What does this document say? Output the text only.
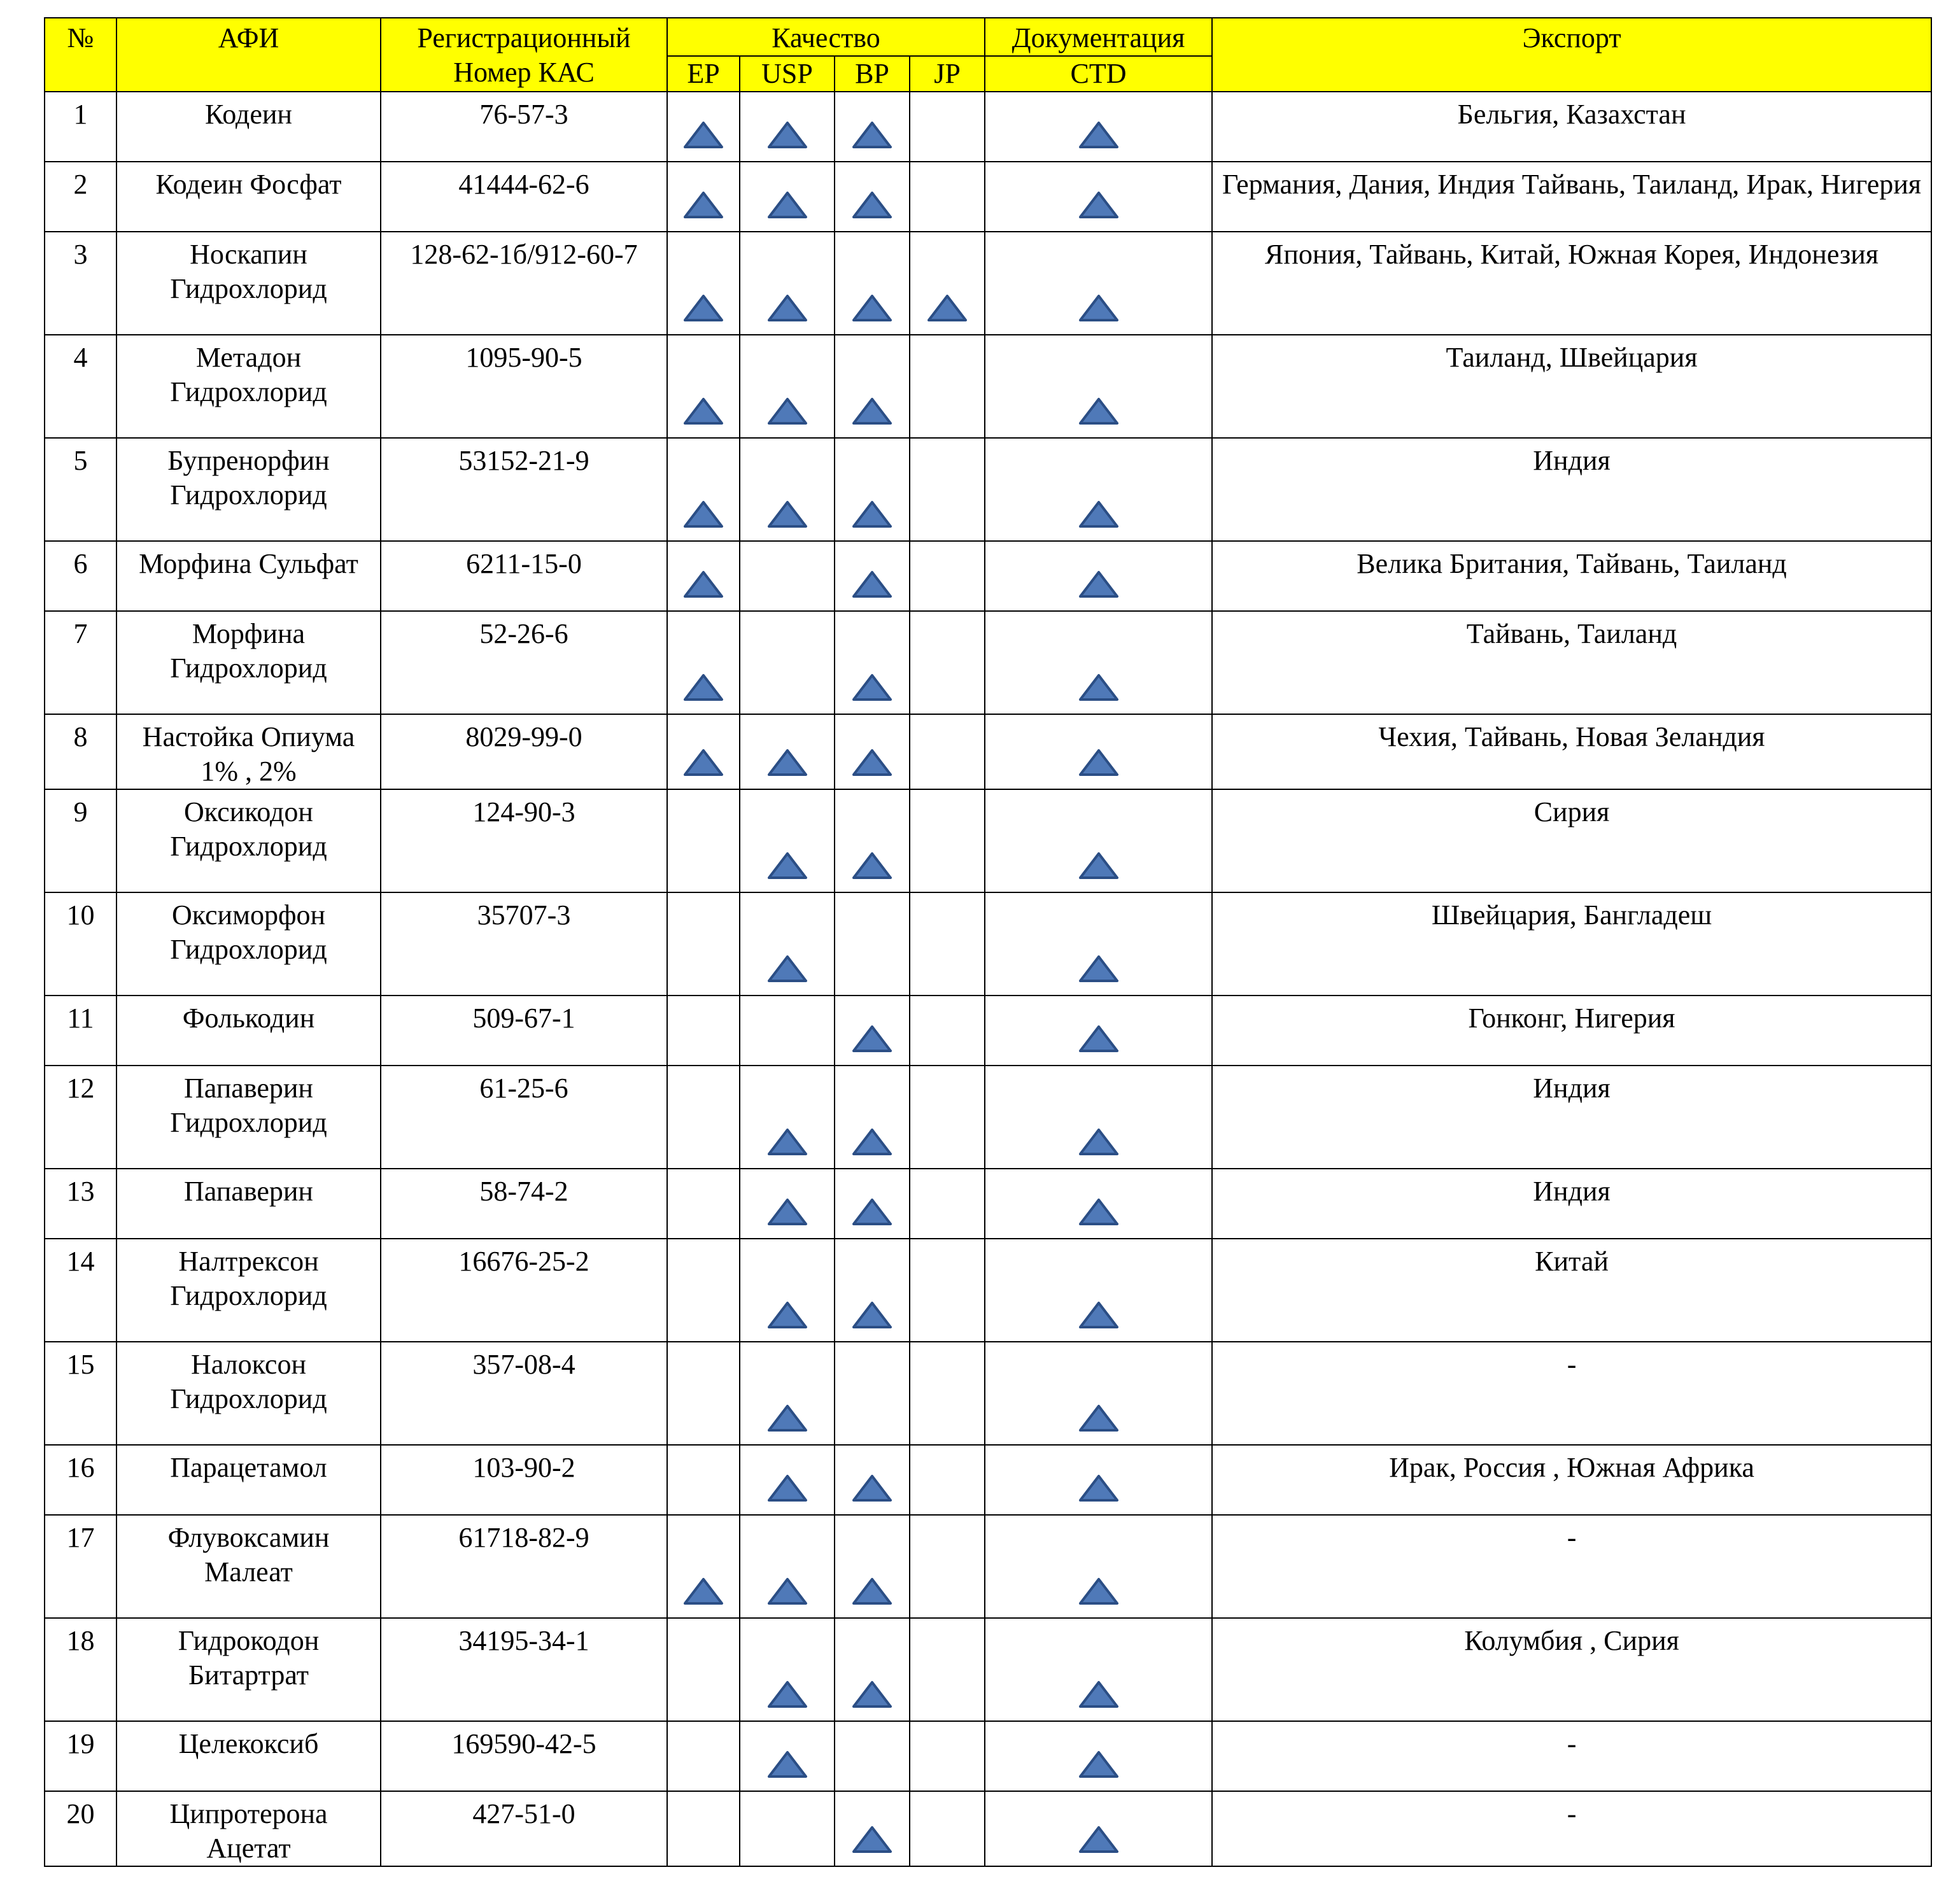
№	АФИ	Регистрационный
Номер КАС	Качество				Документация	Экспорт
			EP	USP	BP	JP	CTD	
1	Кодеин	76-57-3						Бельгия, Казахстан
2	Кодеин Фосфат	41444-62-6						Германия, Дания, Индия Тайвань, Таиланд, Ирак, Нигерия
3	Носкапин
Гидрохлорид	128-62-1б/912-60-7						Япония, Тайвань, Китай, Южная Корея, Индонезия
4	Метадон
Гидрохлорид	1095-90-5						Таиланд, Швейцария
5	Бупренорфин
Гидрохлорид	53152-21-9						Индия
6	Морфина Сульфат	6211-15-0						Велика Британия, Тайвань, Таиланд
7	Морфина
Гидрохлорид	52-26-6						Тайвань, Таиланд
8	Настойка Опиума
1% , 2%	8029-99-0						Чехия, Тайвань, Новая Зеландия
9	Оксикодон
Гидрохлорид	124-90-3						Сирия
10	Оксиморфон
Гидрохлорид	35707-3						Швейцария, Бангладеш
11	Фолькодин	509-67-1						Гонконг, Нигерия
12	Папаверин
Гидрохлорид	61-25-6						Индия
13	Папаверин	58-74-2						Индия
14	Налтрексон
Гидрохлорид	16676-25-2						Китай
15	Налоксон
Гидрохлорид	357-08-4						-
16	Парацетамол	103-90-2						Ирак, Россия , Южная Африка
17	Флувоксамин
Малеат	61718-82-9						-
18	Гидрокодон
Битартрат	34195-34-1						Колумбия , Сирия
19	Целекоксиб	169590-42-5						-
20	Ципротерона
Ацетат	427-51-0						-
